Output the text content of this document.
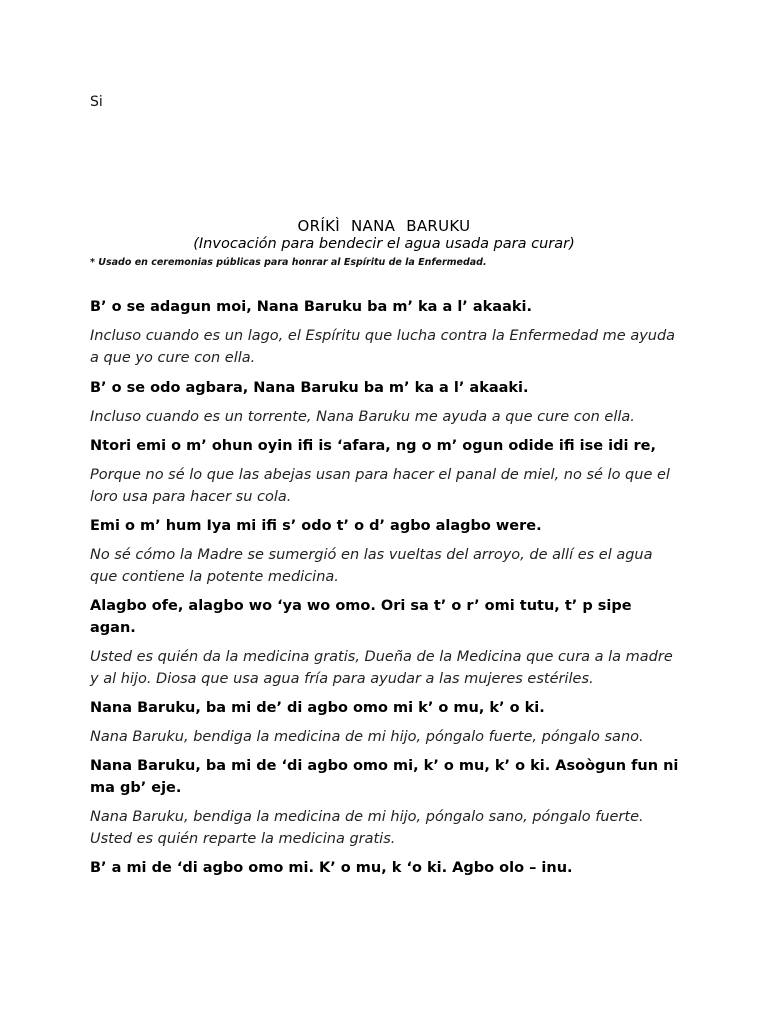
Si
ORÍKÌ NANA BARUKU
(Invocación para bendecir el agua usada para curar)
* Usado en ceremonias públicas para honrar al Espíritu de la Enfermedad.
B’ o se adagun moi, Nana Baruku ba m’ ka a l’ akaaki.
Incluso cuando es un lago, el Espíritu que lucha contra la Enfermedad me ayuda a que yo cure con ella.
B’ o se odo agbara, Nana Baruku ba m’ ka a l’ akaaki.
Incluso cuando es un torrente, Nana Baruku me ayuda a que cure con ella.
Ntori emi o m’ ohun oyin ifi is ‘afara, ng o m’ ogun odide ifi ise idi re,
Porque no sé lo que las abejas usan para hacer el panal de miel, no sé lo que el loro usa para hacer su cola.
Emi o m’ hum Iya mi ifi s’ odo t’ o d’ agbo alagbo were.
No sé cómo la Madre se sumergió en las vueltas del arroyo, de allí es el agua que contiene la potente medicina.
Alagbo ofe, alagbo wo ‘ya wo omo. Ori sa t’ o r’ omi tutu, t’ p sipe agan.
Usted es quién da la medicina gratis, Dueña de la Medicina que cura a la madre y al hijo. Diosa que usa agua fría para ayudar a las mujeres estériles.
Nana Baruku, ba mi de’ di agbo omo mi k’ o mu, k’ o ki.
Nana Baruku, bendiga la medicina de mi hijo, póngalo fuerte, póngalo sano.
Nana Baruku, ba mi de ‘di agbo omo mi, k’ o mu, k’ o ki. Asoògun fun ni ma gb’ eje.
Nana Baruku, bendiga la medicina de mi hijo, póngalo sano, póngalo fuerte. Usted es quién reparte la medicina gratis.
B’ a mi de ‘di agbo omo mi. K’ o mu, k ‘o ki. Agbo olo – inu.
